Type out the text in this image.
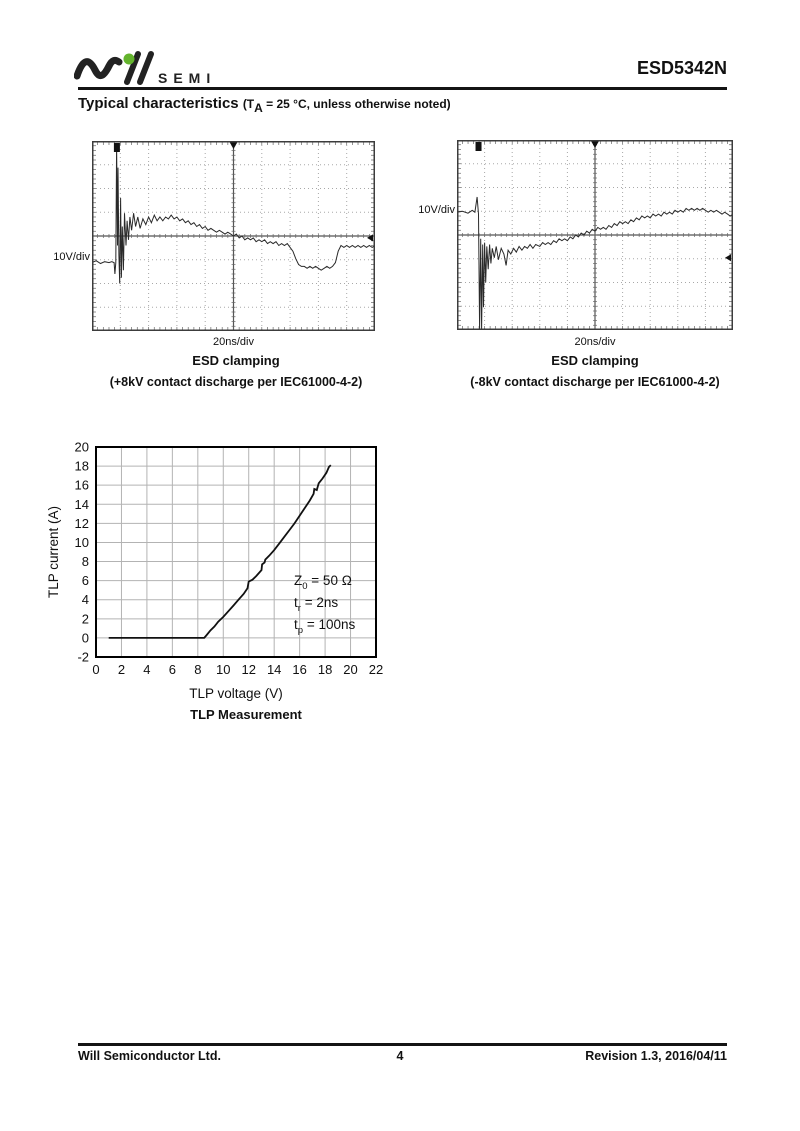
SEMI	ESD5342N
Typical characteristics ($T_A = 25$ °C, unless otherwise noted)
10V/div
20ns/div
ESD clamping
(+8kV contact discharge per IEC61000-4-2)
10V/div
20ns/div
ESD clamping
(-8kV contact discharge per IEC61000-4-2)
0 2 4 6 8 10 12 14 16 18 20 22
-2
0
2
4
6
8
10
12
14
16
18
20
TLP voltage (V)
TLP current (A)	$Z_0 = 50$ Ω
$t_r = 2ns$
$t_p = 100ns$
TLP Measurement
Will Semiconductor Ltd.	4	Revision 1.3, 2016/04/11
